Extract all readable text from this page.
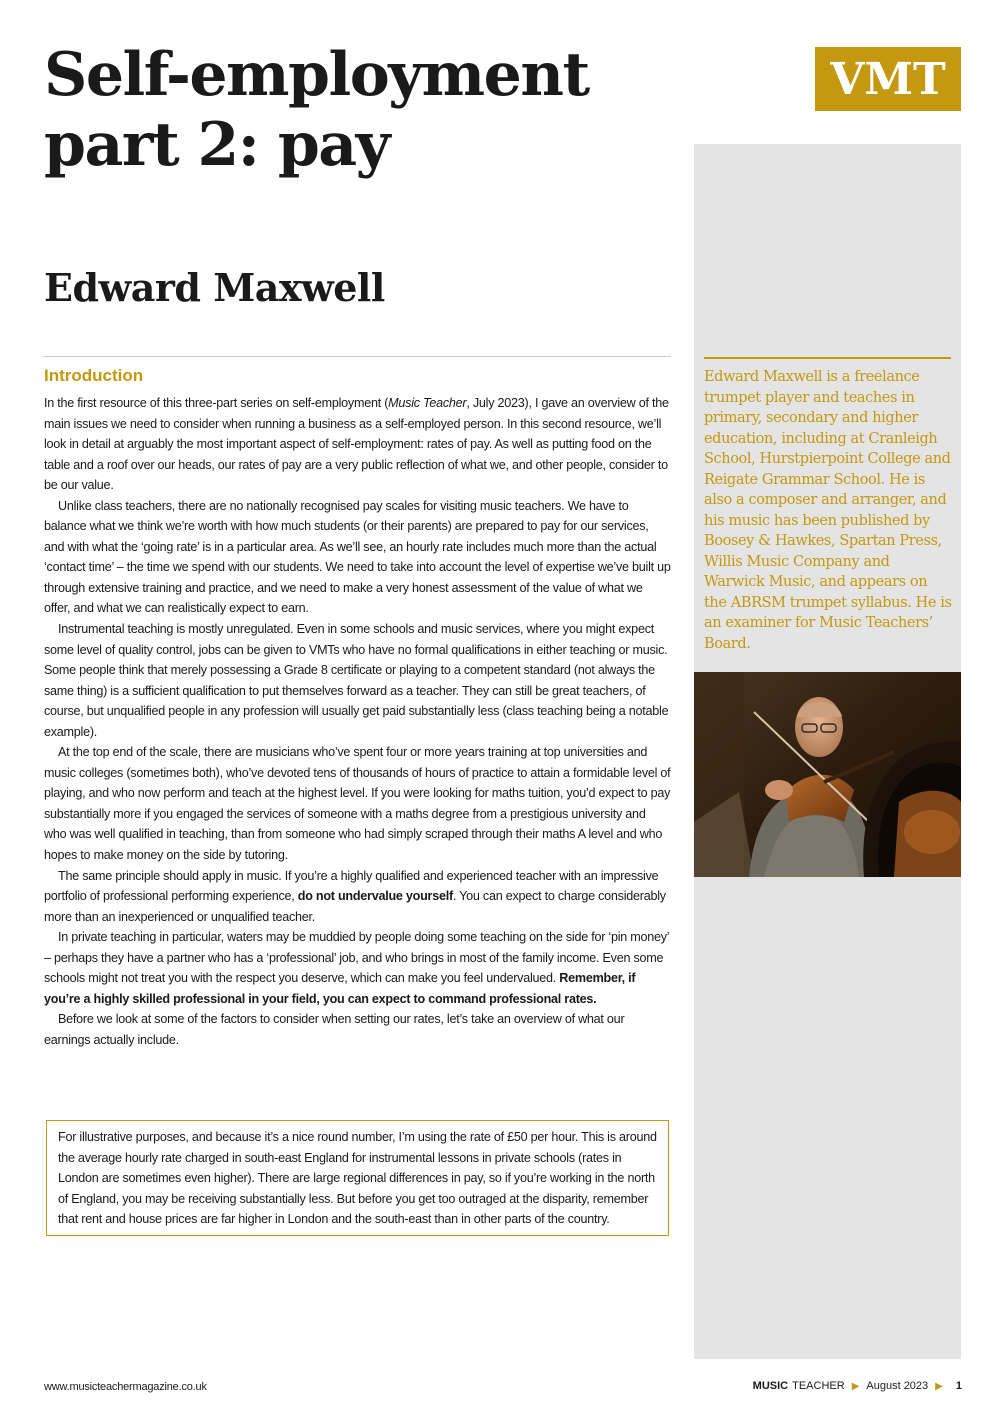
VMT
Self-employment
part 2: pay
Edward Maxwell
Introduction

In the first resource of this three-part series on self-employment (Music Teacher, July 2023), I gave an overview of the main issues we need to consider when running a business as a self-employed person. In this second resource, we’ll look in detail at arguably the most important aspect of self-employment: rates of pay. As well as putting food on the table and a roof over our heads, our rates of pay are a very public reflection of what we, and other people, consider to be our value.

Unlike class teachers, there are no nationally recognised pay scales for visiting music teachers. We have to balance what we think we’re worth with how much students (or their parents) are prepared to pay for our services, and with what the ‘going rate’ is in a particular area. As we’ll see, an hourly rate includes much more than the actual ‘contact time’ – the time we spend with our students. We need to take into account the level of expertise we’ve built up through extensive training and practice, and we need to make a very honest assessment of the value of what we offer, and what we can realistically expect to earn.

Instrumental teaching is mostly unregulated. Even in some schools and music services, where you might expect some level of quality control, jobs can be given to VMTs who have no formal qualifications in either teaching or music. Some people think that merely possessing a Grade 8 certificate or playing to a competent standard (not always the same thing) is a sufficient qualification to put themselves forward as a teacher. They can still be great teachers, of course, but unqualified people in any profession will usually get paid substantially less (class teaching being a notable example).

At the top end of the scale, there are musicians who’ve spent four or more years training at top universities and music colleges (sometimes both), who’ve devoted tens of thousands of hours of practice to attain a formidable level of playing, and who now perform and teach at the highest level. If you were looking for maths tuition, you’d expect to pay substantially more if you engaged the services of someone with a maths degree from a prestigious university and who was well qualified in teaching, than from someone who had simply scraped through their maths A level and who hopes to make money on the side by tutoring.

The same principle should apply in music. If you’re a highly qualified and experienced teacher with an impressive portfolio of professional performing experience, do not undervalue yourself. You can expect to charge considerably more than an inexperienced or unqualified teacher.

In private teaching in particular, waters may be muddied by people doing some teaching on the side for ‘pin money’ – perhaps they have a partner who has a ‘professional’ job, and who brings in most of the family income. Even some schools might not treat you with the respect you deserve, which can make you feel undervalued. Remember, if you’re a highly skilled professional in your field, you can expect to command professional rates.

Before we look at some of the factors to consider when setting our rates, let’s take an overview of what our earnings actually include.

For illustrative purposes, and because it’s a nice round number, I’m using the rate of £50 per hour. This is around the average hourly rate charged in south-east England for instrumental lessons in private schools (rates in London are sometimes even higher). There are large regional differences in pay, so if you’re working in the north of England, you may be receiving substantially less. But before you get too outraged at the disparity, remember that rent and house prices are far higher in London and the south-east than in other parts of the country.

Edward Maxwell is a freelance trumpet player and teaches in primary, secondary and higher education, including at Cranleigh School, Hurstpierpoint College and Reigate Grammar School. He is also a composer and arranger, and his music has been published by Boosey & Hawkes, Spartan Press, Willis Music Company and Warwick Music, and appears on the ABRSM trumpet syllabus. He is an examiner for Music Teachers’ Board.

www.musicteachermagazine.co.uk	MUSIC TEACHER ▶ August 2023 ▶ 1
